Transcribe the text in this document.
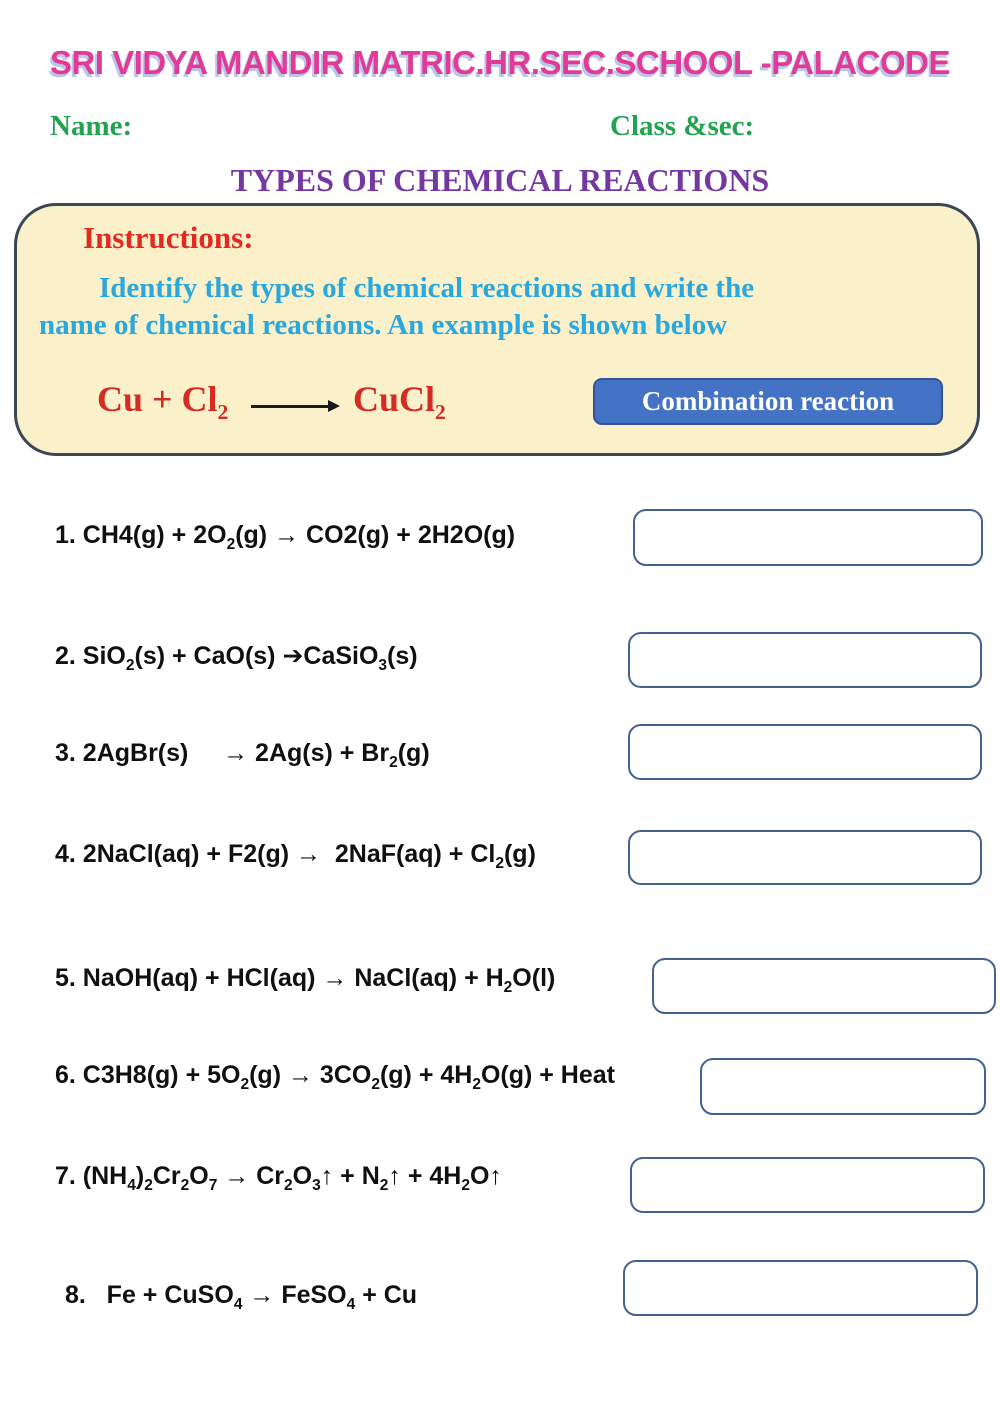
SRI VIDYA MANDIR MATRIC.HR.SEC.SCHOOL -PALACODE
Name:	Class &sec:
TYPES OF CHEMICAL REACTIONS
Instructions:
Identify the types of chemical reactions and write the
name of chemical reactions. An example is shown below
$Cu + Cl_2$	CuCl$_2$	Combination reaction
1. $CH4(g) + 2O_2(g) \to CO2(g) + 2H2O(g)$
2. SiO$_2$(s) + CaO(s) ➔CaSiO$_3$(s)
3. 2AgBr(s)     → $2Ag(s) + Br_2(g)$
4. 2NaCl(aq) + $F2(g) \to 2NaF(aq) + Cl_2(g)$
5. NaOH(aq) + HCl(aq) → NaCl(aq) + $H_2O(l)$
6. $C3H8(g) + 5O_2(g) \to 3CO_2(g) + 4H_2O(g)$ + Heat
7. $(NH_4)_2Cr_2O_7$ → $Cr_2O_3↑$ + $N_2↑$ + $4H_2O↑$
8.   Fe + CuSO$_4$ → FeSO$_4$ + Cu
